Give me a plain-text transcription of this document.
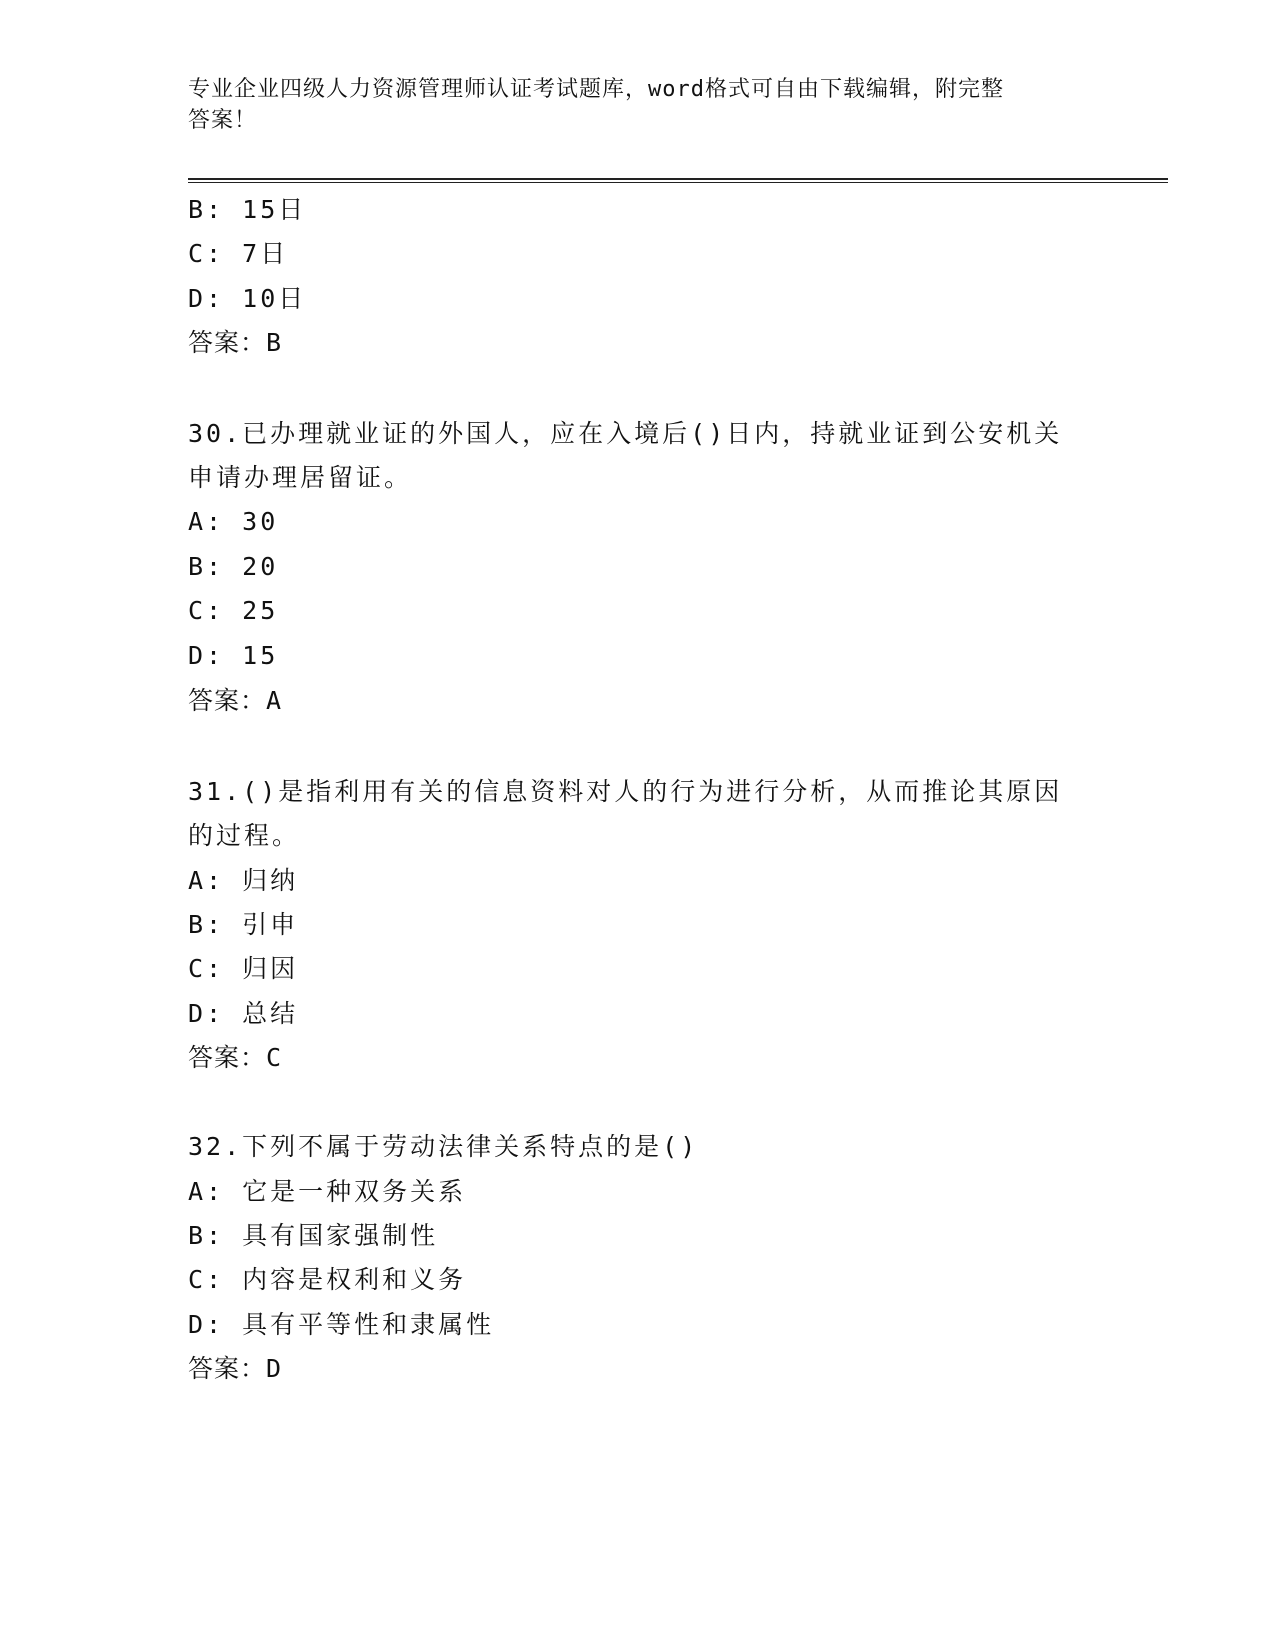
专业企业四级人力资源管理师认证考试题库，word格式可自由下载编辑，附完整
答案！
B: 15日
C: 7日
D: 10日
答案：B
30.已办理就业证的外国人，应在入境后()日内，持就业证到公安机关
申请办理居留证。
A: 30
B: 20
C: 25
D: 15
答案：A
31.()是指利用有关的信息资料对人的行为进行分析，从而推论其原因
的过程。
A: 归纳
B: 引申
C: 归因
D: 总结
答案：C
32.下列不属于劳动法律关系特点的是()
A: 它是一种双务关系
B: 具有国家强制性
C: 内容是权利和义务
D: 具有平等性和隶属性
答案：D
